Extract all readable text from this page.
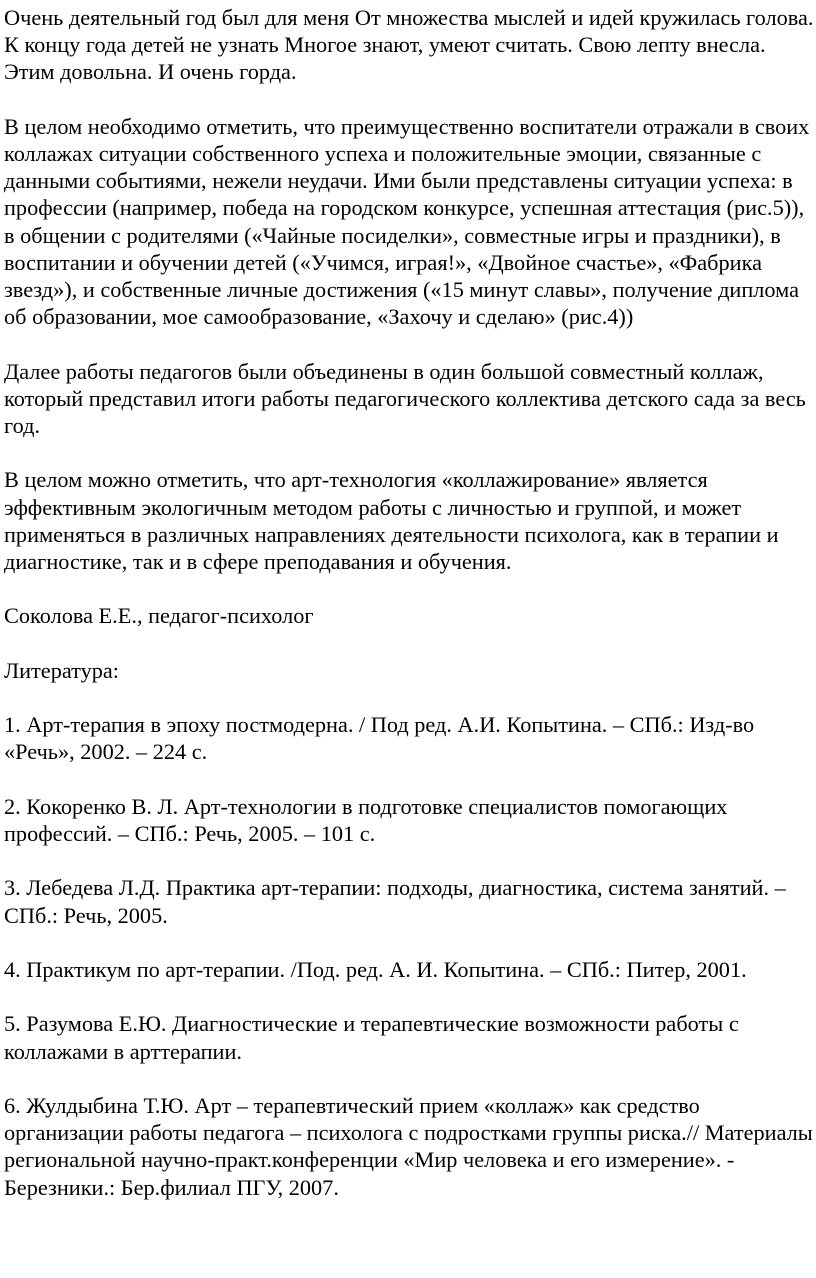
Очень деятельный год был для меня От множества мыслей и идей кружилась голова. К концу года детей не узнать Многое знают, умеют считать. Свою лепту внесла. Этим довольна. И очень горда.

В целом необходимо отметить, что преимущественно воспитатели отражали в своих коллажах ситуации собственного успеха и положительные эмоции, связанные с данными событиями, нежели неудачи. Ими были представлены ситуации успеха: в профессии (например, победа на городском конкурсе, успешная аттестация (рис.5)), в общении с родителями («Чайные посиделки», совместные игры и праздники), в воспитании и обучении детей («Учимся, играя!», «Двойное счастье», «Фабрика звезд»), и собственные личные достижения («15 минут славы», получение диплома об образовании, мое самообразование, «Захочу и сделаю» (рис.4))

Далее работы педагогов были объединены в один большой совместный коллаж, который представил итоги работы педагогического коллектива детского сада за весь год.

В целом можно отметить, что арт-технология «коллажирование» является эффективным экологичным методом работы с личностью и группой, и может применяться в различных направлениях деятельности психолога, как в терапии и диагностике, так и в сфере преподавания и обучения.

Соколова Е.Е., педагог-психолог

Литература:

1. Арт-терапия в эпоху постмодерна. / Под ред. А.И. Копытина. – СПб.: Изд-во «Речь», 2002. – 224 с.

2. Кокоренко В. Л. Арт-технологии в подготовке специалистов помогающих профессий. – СПб.: Речь, 2005. – 101 с.

3. Лебедева Л.Д. Практика арт-терапии: подходы, диагностика, система занятий. – СПб.: Речь, 2005.

4. Практикум по арт-терапии. /Под. ред. А. И. Копытина. – СПб.: Питер, 2001.

5. Разумова Е.Ю. Диагностические и терапевтические возможности работы с коллажами в арттерапии.

6. Жулдыбина Т.Ю. Арт – терапевтический прием «коллаж» как средство организации работы педагога – психолога с подростками группы риска.// Материалы региональной научно-практ.конференции «Мир человека и его измерение». - Березники.: Бер.филиал ПГУ, 2007.
